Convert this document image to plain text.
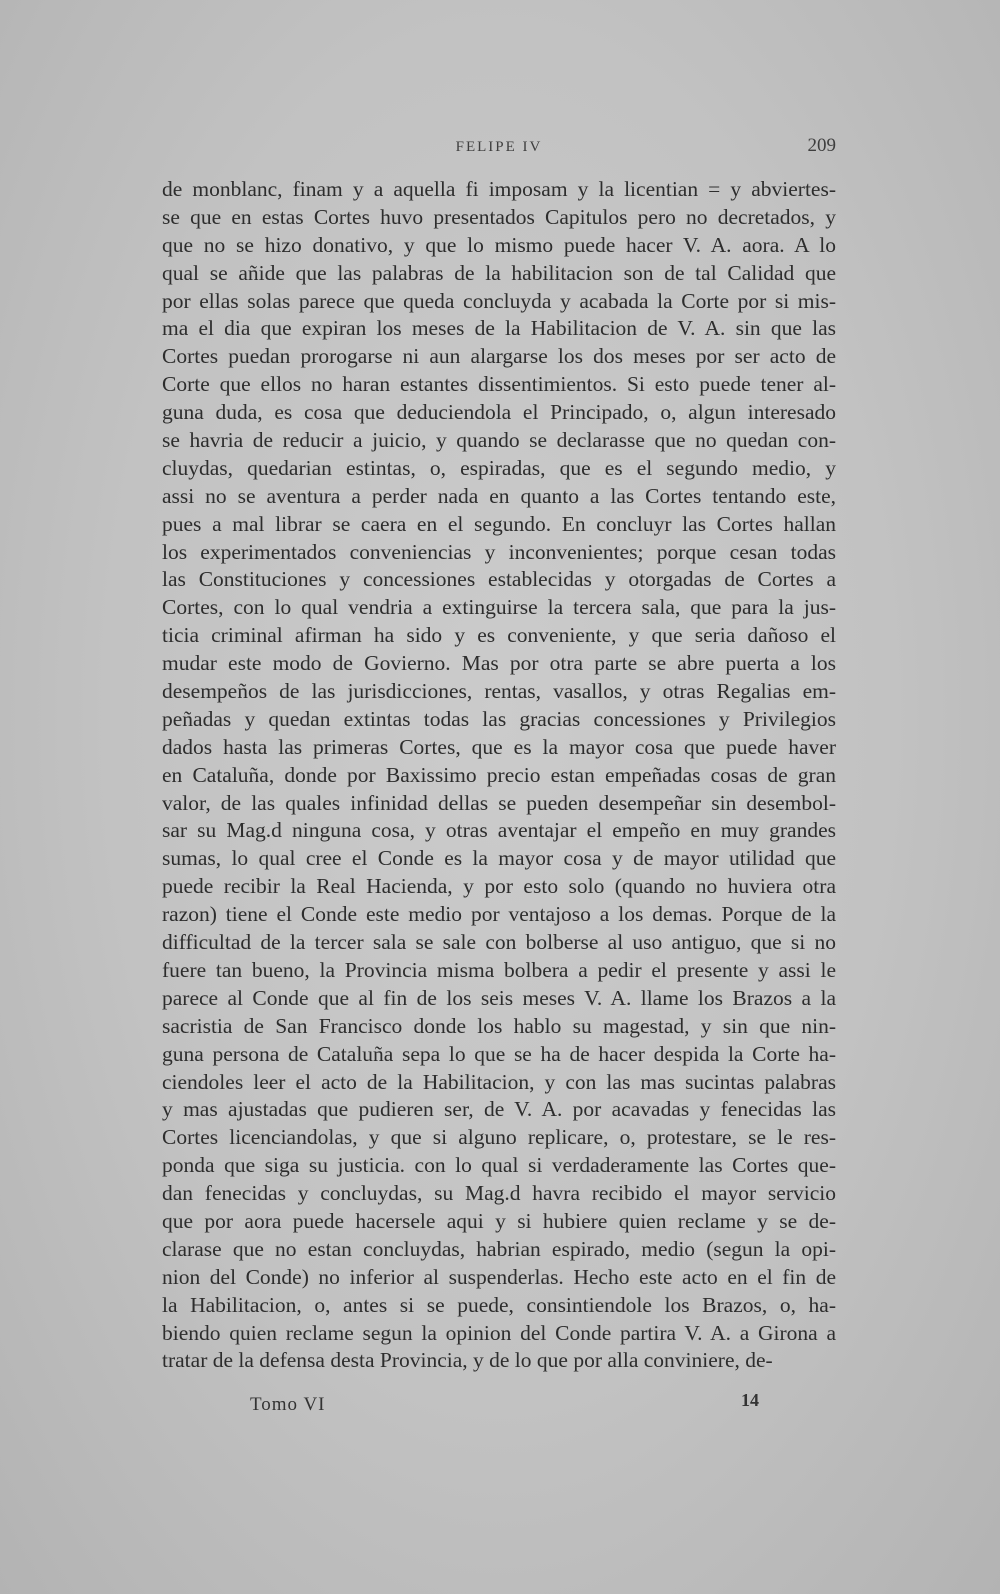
FELIPE IV	209
de monblanc, finam y a aquella fi imposam y la licentian = y abviertes-
se que en estas Cortes huvo presentados Capitulos pero no decretados, y
que no se hizo donativo, y que lo mismo puede hacer V. A. aora. A lo
qual se añide que las palabras de la habilitacion son de tal Calidad que
por ellas solas parece que queda concluyda y acabada la Corte por si mis-
ma el dia que expiran los meses de la Habilitacion de V. A. sin que las
Cortes puedan prorogarse ni aun alargarse los dos meses por ser acto de
Corte que ellos no haran estantes dissentimientos. Si esto puede tener al-
guna duda, es cosa que deduciendola el Principado, o, algun interesado
se havria de reducir a juicio, y quando se declarasse que no quedan con-
cluydas, quedarian estintas, o, espiradas, que es el segundo medio, y
assi no se aventura a perder nada en quanto a las Cortes tentando este,
pues a mal librar se caera en el segundo. En concluyr las Cortes hallan
los experimentados conveniencias y inconvenientes; porque cesan todas
las Constituciones y concessiones establecidas y otorgadas de Cortes a
Cortes, con lo qual vendria a extinguirse la tercera sala, que para la jus-
ticia criminal afirman ha sido y es conveniente, y que seria dañoso el
mudar este modo de Govierno. Mas por otra parte se abre puerta a los
desempeños de las jurisdicciones, rentas, vasallos, y otras Regalias em-
peñadas y quedan extintas todas las gracias concessiones y Privilegios
dados hasta las primeras Cortes, que es la mayor cosa que puede haver
en Cataluña, donde por Baxissimo precio estan empeñadas cosas de gran
valor, de las quales infinidad dellas se pueden desempeñar sin desembol-
sar su Mag.d ninguna cosa, y otras aventajar el empeño en muy grandes
sumas, lo qual cree el Conde es la mayor cosa y de mayor utilidad que
puede recibir la Real Hacienda, y por esto solo (quando no huviera otra
razon) tiene el Conde este medio por ventajoso a los demas. Porque de la
difficultad de la tercer sala se sale con bolberse al uso antiguo, que si no
fuere tan bueno, la Provincia misma bolbera a pedir el presente y assi le
parece al Conde que al fin de los seis meses V. A. llame los Brazos a la
sacristia de San Francisco donde los hablo su magestad, y sin que nin-
guna persona de Cataluña sepa lo que se ha de hacer despida la Corte ha-
ciendoles leer el acto de la Habilitacion, y con las mas sucintas palabras
y mas ajustadas que pudieren ser, de V. A. por acavadas y fenecidas las
Cortes licenciandolas, y que si alguno replicare, o, protestare, se le res-
ponda que siga su justicia. con lo qual si verdaderamente las Cortes que-
dan fenecidas y concluydas, su Mag.d havra recibido el mayor servicio
que por aora puede hacersele aqui y si hubiere quien reclame y se de-
clarase que no estan concluydas, habrian espirado, medio (segun la opi-
nion del Conde) no inferior al suspenderlas. Hecho este acto en el fin de
la Habilitacion, o, antes si se puede, consintiendole los Brazos, o, ha-
biendo quien reclame segun la opinion del Conde partira V. A. a Girona a
tratar de la defensa desta Provincia, y de lo que por alla conviniere, de-
Tomo VI	14
